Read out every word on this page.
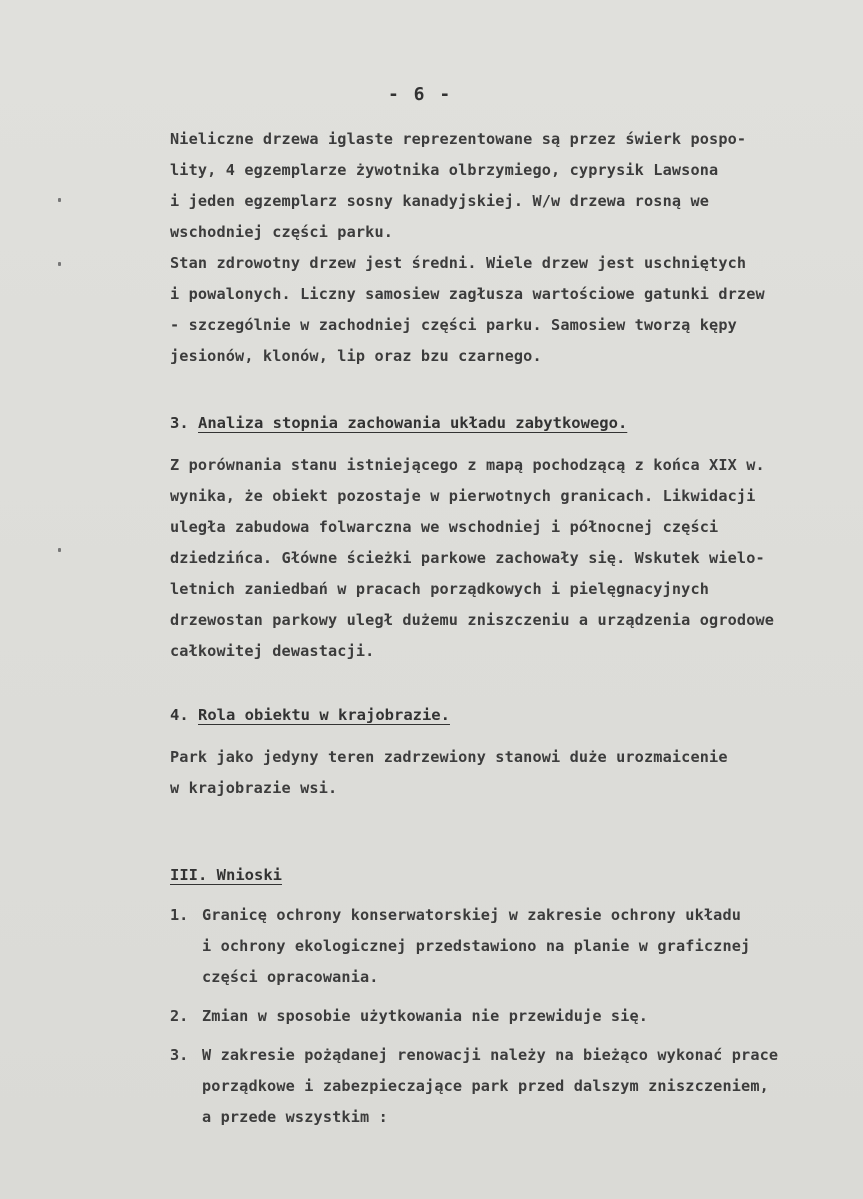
- 6 -
Nieliczne drzewa iglaste reprezentowane są przez świerk pospo-
lity, 4 egzemplarze żywotnika olbrzymiego, cyprysik Lawsona
i jeden egzemplarz sosny kanadyjskiej. W/w drzewa rosną we
wschodniej części parku.
Stan zdrowotny drzew jest średni. Wiele drzew jest uschniętych
i powalonych. Liczny samosiew zagłusza wartościowe gatunki drzew
- szczególnie w zachodniej części parku. Samosiew tworzą kępy
jesionów, klonów, lip oraz bzu czarnego.
3. Analiza stopnia zachowania układu zabytkowego.
Z porównania stanu istniejącego z mapą pochodzącą z końca XIX w.
wynika, że obiekt pozostaje w pierwotnych granicach. Likwidacji
uległa zabudowa folwarczna we wschodniej i północnej części
dziedzińca. Główne ścieżki parkowe zachowały się. Wskutek wielo-
letnich zaniedbań w pracach porządkowych i pielęgnacyjnych
drzewostan parkowy uległ dużemu zniszczeniu a urządzenia ogrodowe
całkowitej dewastacji.
4. Rola obiektu w krajobrazie.
Park jako jedyny teren zadrzewiony stanowi duże urozmaicenie
w krajobrazie wsi.
III. Wnioski
1. Granicę ochrony konserwatorskiej w zakresie ochrony układu
i ochrony ekologicznej przedstawiono na planie w graficznej
części opracowania.
2. Zmian w sposobie użytkowania nie przewiduje się.
3. W zakresie pożądanej renowacji należy na bieżąco wykonać prace
porządkowe i zabezpieczające park przed dalszym zniszczeniem,
a przede wszystkim :
